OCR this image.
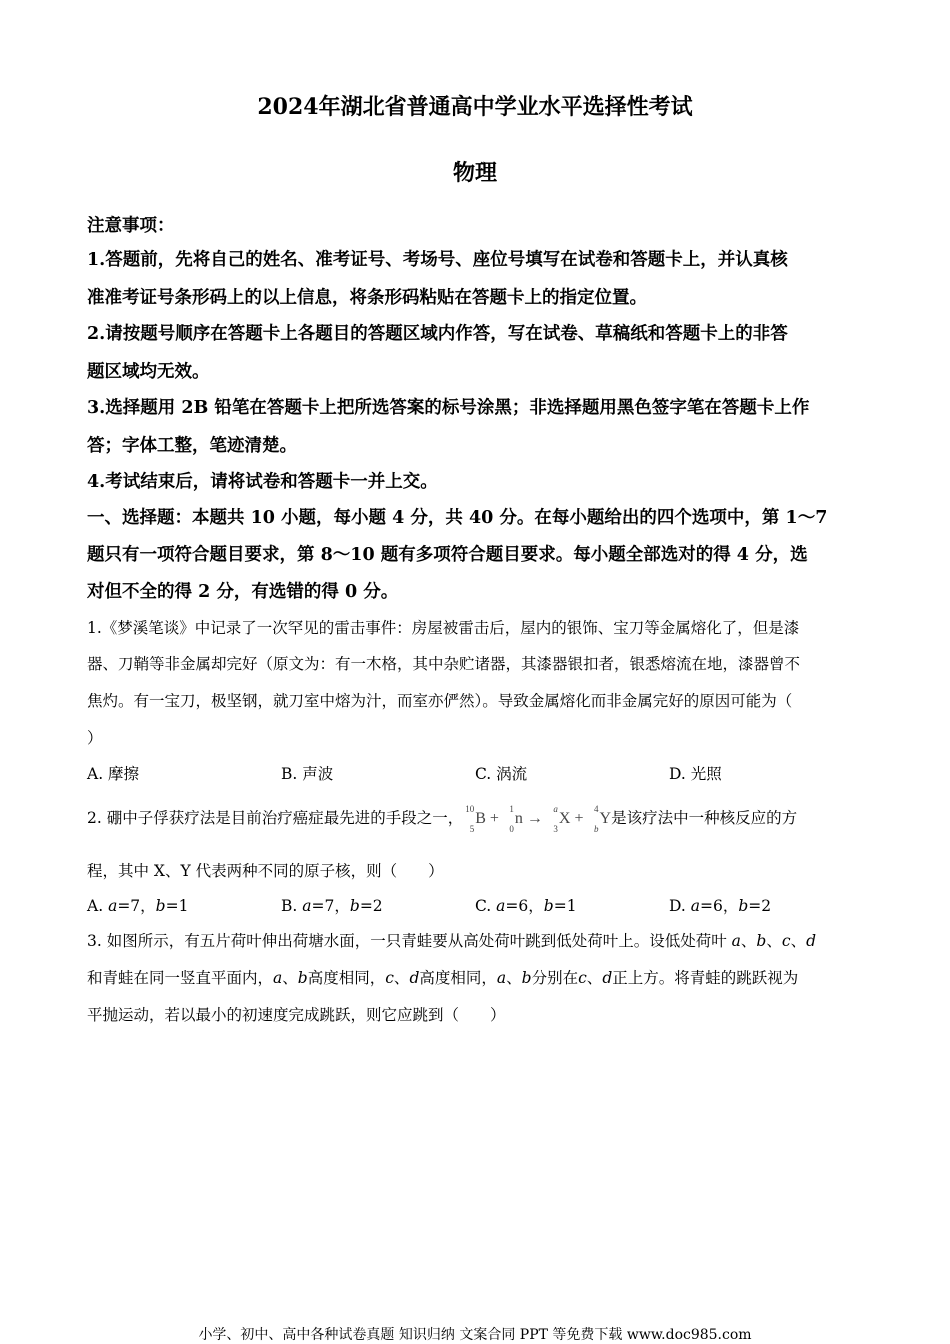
2024年湖北省普通高中学业水平选择性考试
物理
注意事项：
1.答题前，先将自己的姓名、准考证号、考场号、座位号填写在试卷和答题卡上，并认真核
准准考证号条形码上的以上信息，将条形码粘贴在答题卡上的指定位置。
2.请按题号顺序在答题卡上各题目的答题区域内作答，写在试卷、草稿纸和答题卡上的非答
题区域均无效。
3.选择题用 2B 铅笔在答题卡上把所选答案的标号涂黑；非选择题用黑色签字笔在答题卡上作
答；字体工整，笔迹清楚。
4.考试结束后，请将试卷和答题卡一并上交。
一、选择题：本题共 10 小题，每小题 4 分，共 40 分。在每小题给出的四个选项中，第 1～7
题只有一项符合题目要求，第 8～10 题有多项符合题目要求。每小题全部选对的得 4 分，选
对但不全的得 2 分，有选错的得 0 分。
1.《梦溪笔谈》中记录了一次罕见的雷击事件：房屋被雷击后，屋内的银饰、宝刀等金属熔化了，但是漆
器、刀鞘等非金属却完好（原文为：有一木格，其中杂贮诸器，其漆器银扣者，银悉熔流在地，漆器曾不
焦灼。有一宝刀，极坚钢，就刀室中熔为汁，而室亦俨然）。导致金属熔化而非金属完好的原因可能为（
）
A. 摩擦	B. 声波	C. 涡流	D. 光照
2. 硼中子俘获疗法是目前治疗癌症最先进的手段之一， 10
5
B +
1
0
n →
a
3
X +
4
b
Y是该疗法中一种核反应的方
程，其中 X、Y 代表两种不同的原子核，则（　　）
A. a=7，b=1	B. a=7，b=2	C. a=6，b=1	D. a=6，b=2
3. 如图所示，有五片荷叶伸出荷塘水面，一只青蛙要从高处荷叶跳到低处荷叶上。设低处荷叶 a、b、c、d
和青蛙在同一竖直平面内，a、b高度相同，c、d高度相同，a、b分别在c、d正上方。将青蛙的跳跃视为
平抛运动，若以最小的初速度完成跳跃，则它应跳到（　　）
小学、初中、高中各种试卷真题 知识归纳 文案合同 PPT 等免费下载 www.doc985.com
